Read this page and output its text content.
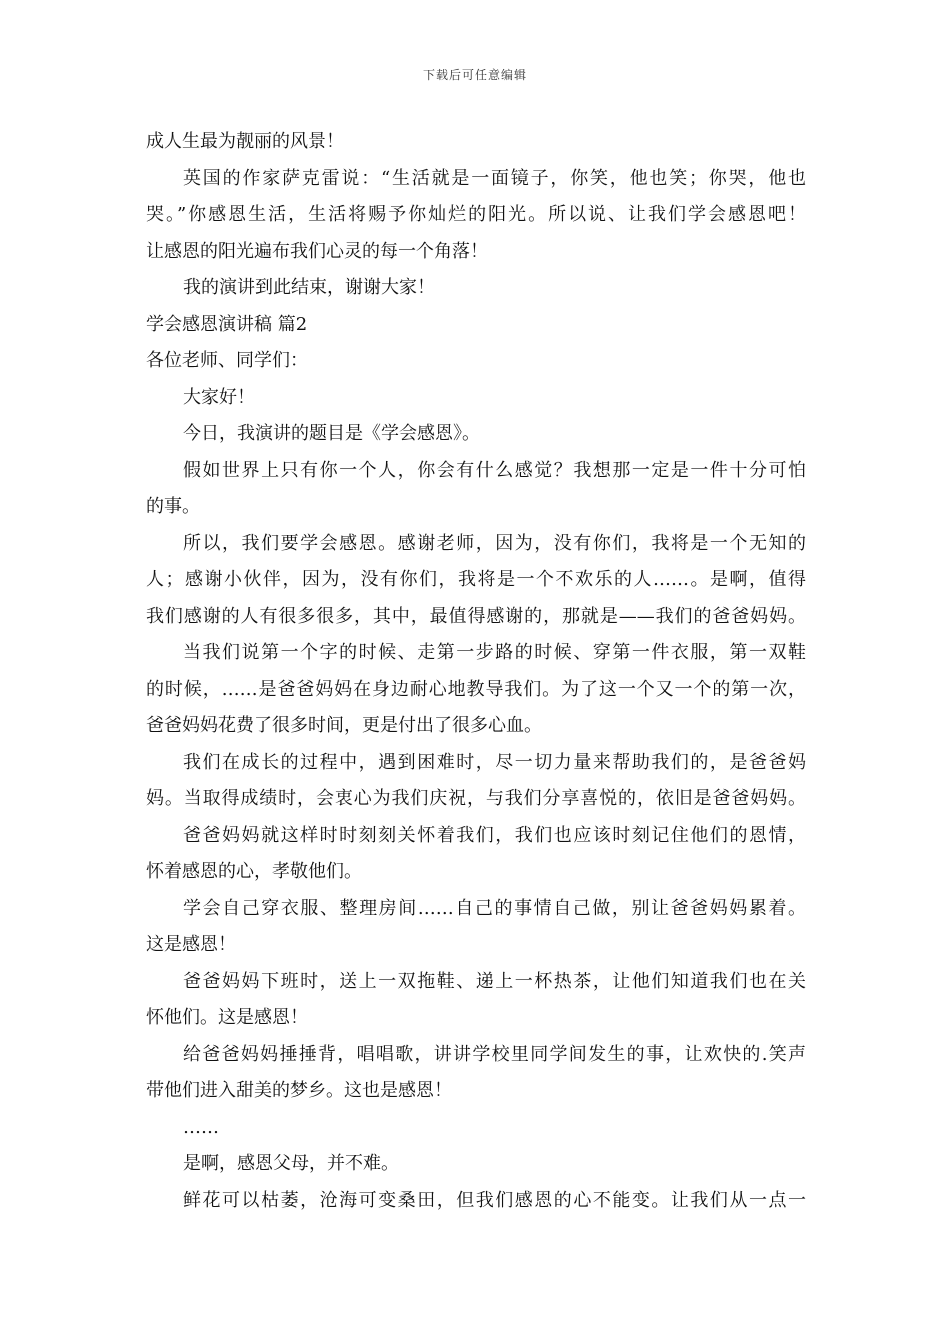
下载后可任意编辑
成人生最为靓丽的风景！
英国的作家萨克雷说：“生活就是一面镜子，你笑，他也笑；你哭，他也
哭。”你感恩生活，生活将赐予你灿烂的阳光。所以说、让我们学会感恩吧！
让感恩的阳光遍布我们心灵的每一个角落！
我的演讲到此结束，谢谢大家！
学会感恩演讲稿 篇2
各位老师、同学们：
大家好！
今日，我演讲的题目是《学会感恩》。
假如世界上只有你一个人，你会有什么感觉？我想那一定是一件十分可怕
的事。
所以，我们要学会感恩。感谢老师，因为，没有你们，我将是一个无知的
人；感谢小伙伴，因为，没有你们，我将是一个不欢乐的人……。是啊，值得
我们感谢的人有很多很多，其中，最值得感谢的，那就是——我们的爸爸妈妈。
当我们说第一个字的时候、走第一步路的时候、穿第一件衣服，第一双鞋
的时候，……是爸爸妈妈在身边耐心地教导我们。为了这一个又一个的第一次，
爸爸妈妈花费了很多时间，更是付出了很多心血。
我们在成长的过程中，遇到困难时，尽一切力量来帮助我们的，是爸爸妈
妈。当取得成绩时，会衷心为我们庆祝，与我们分享喜悦的，依旧是爸爸妈妈。
爸爸妈妈就这样时时刻刻关怀着我们，我们也应该时刻记住他们的恩情，
怀着感恩的心，孝敬他们。
学会自己穿衣服、整理房间……自己的事情自己做，别让爸爸妈妈累着。
这是感恩！
爸爸妈妈下班时，送上一双拖鞋、递上一杯热茶，让他们知道我们也在关
怀他们。这是感恩！
给爸爸妈妈捶捶背，唱唱歌，讲讲学校里同学间发生的事，让欢快的.笑声
带他们进入甜美的梦乡。这也是感恩！
……
是啊，感恩父母，并不难。
鲜花可以枯萎，沧海可变桑田，但我们感恩的心不能变。让我们从一点一
